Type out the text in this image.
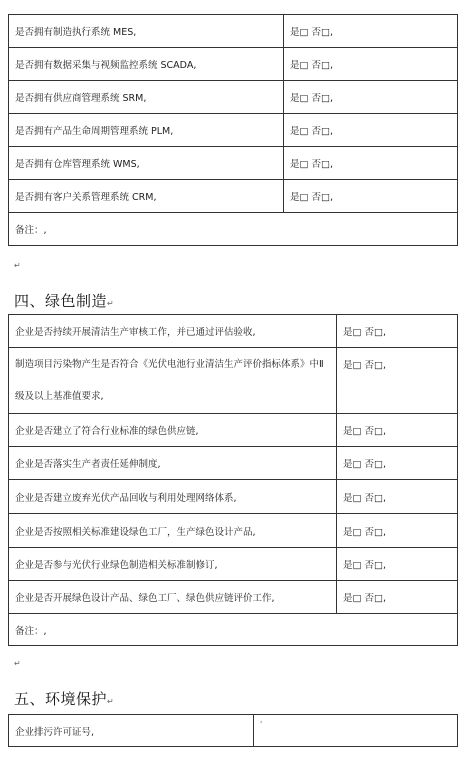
是否拥有制造执行系统 MES,	是□ 否□,
是否拥有数据采集与视频监控系统 SCADA,	是□ 否□,
是否拥有供应商管理系统 SRM,	是□ 否□,
是否拥有产品生命周期管理系统 PLM,	是□ 否□,
是否拥有仓库管理系统 WMS,	是□ 否□,
是否拥有客户关系管理系统 CRM,	是□ 否□,
备注：,	
↵
四、绿色制造↵
企业是否持续开展清洁生产审核工作，并已通过评估验收,	是□ 否□,

制造项目污染物产生是否符合《光伏电池行业清洁生产评价指标体系》中Ⅱ级及以上基准值要求,	是□ 否□,
企业是否建立了符合行业标准的绿色供应链,	是□ 否□,
企业是否落实生产者责任延伸制度,	是□ 否□,
企业是否建立废弃光伏产品回收与利用处理网络体系,	是□ 否□,
企业是否按照相关标准建设绿色工厂，生产绿色设计产品,	是□ 否□,
企业是否参与光伏行业绿色制造相关标准制修订,	是□ 否□,
企业是否开展绿色设计产品、绿色工厂、绿色供应链评价工作,	是□ 否□,
备注：,	
↵
五、环境保护↵
企业排污许可证号,	'
